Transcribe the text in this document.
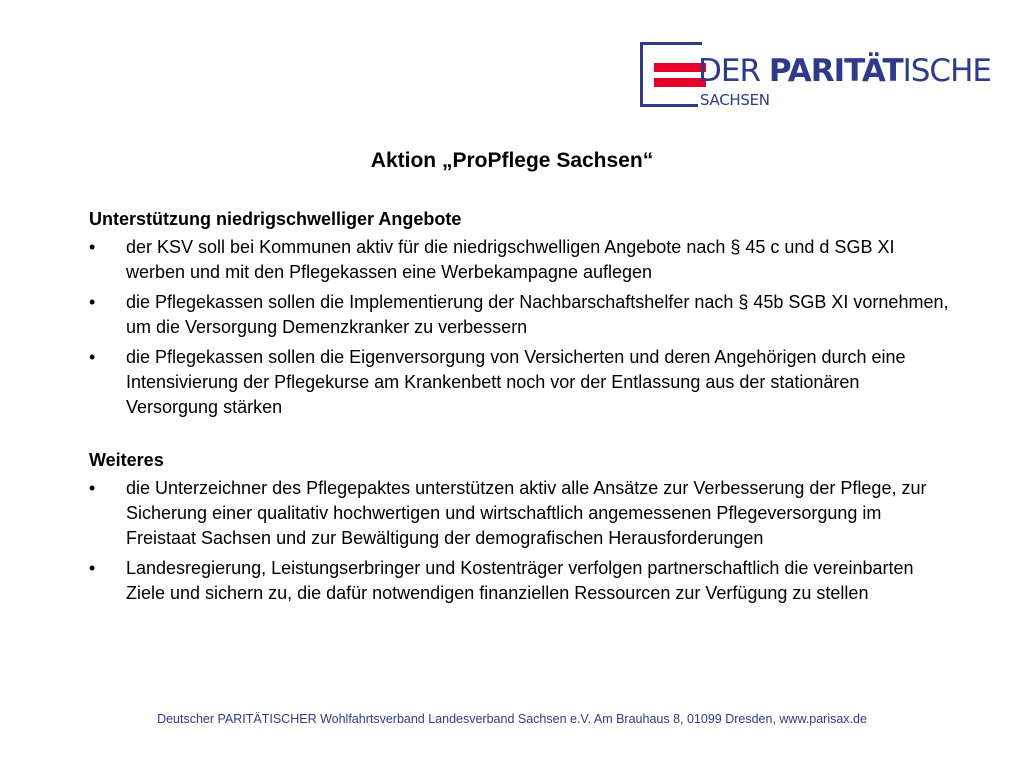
DER PARITÄTISCHE
SACHSEN
Aktion „ProPflege Sachsen“

Unterstützung niedrigschwelliger Angebote

• der KSV soll bei Kommunen aktiv für die niedrigschwelligen Angebote nach § 45 c und d SGB XI werben und mit den Pflegekassen eine Werbekampagne auflegen
• die Pflegekassen sollen die Implementierung der Nachbarschaftshelfer nach § 45b SGB XI vornehmen, um die Versorgung Demenzkranker zu verbessern
• die Pflegekassen sollen die Eigenversorgung von Versicherten und deren Angehörigen durch eine Intensivierung der Pflegekurse am Krankenbett noch vor der Entlassung aus der stationären Versorgung stärken

Weiteres

• die Unterzeichner des Pflegepaktes unterstützen aktiv alle Ansätze zur Verbesserung der Pflege, zur Sicherung einer qualitativ hochwertigen und wirtschaftlich angemessenen Pflegeversorgung im Freistaat Sachsen und zur Bewältigung der demografischen Herausforderungen
• Landesregierung, Leistungserbringer und Kostenträger verfolgen partnerschaftlich die vereinbarten Ziele und sichern zu, die dafür notwendigen finanziellen Ressourcen zur Verfügung zu stellen
Deutscher PARITÄTISCHER Wohlfahrtsverband Landesverband Sachsen e.V. Am Brauhaus 8, 01099 Dresden, www.parisax.de
